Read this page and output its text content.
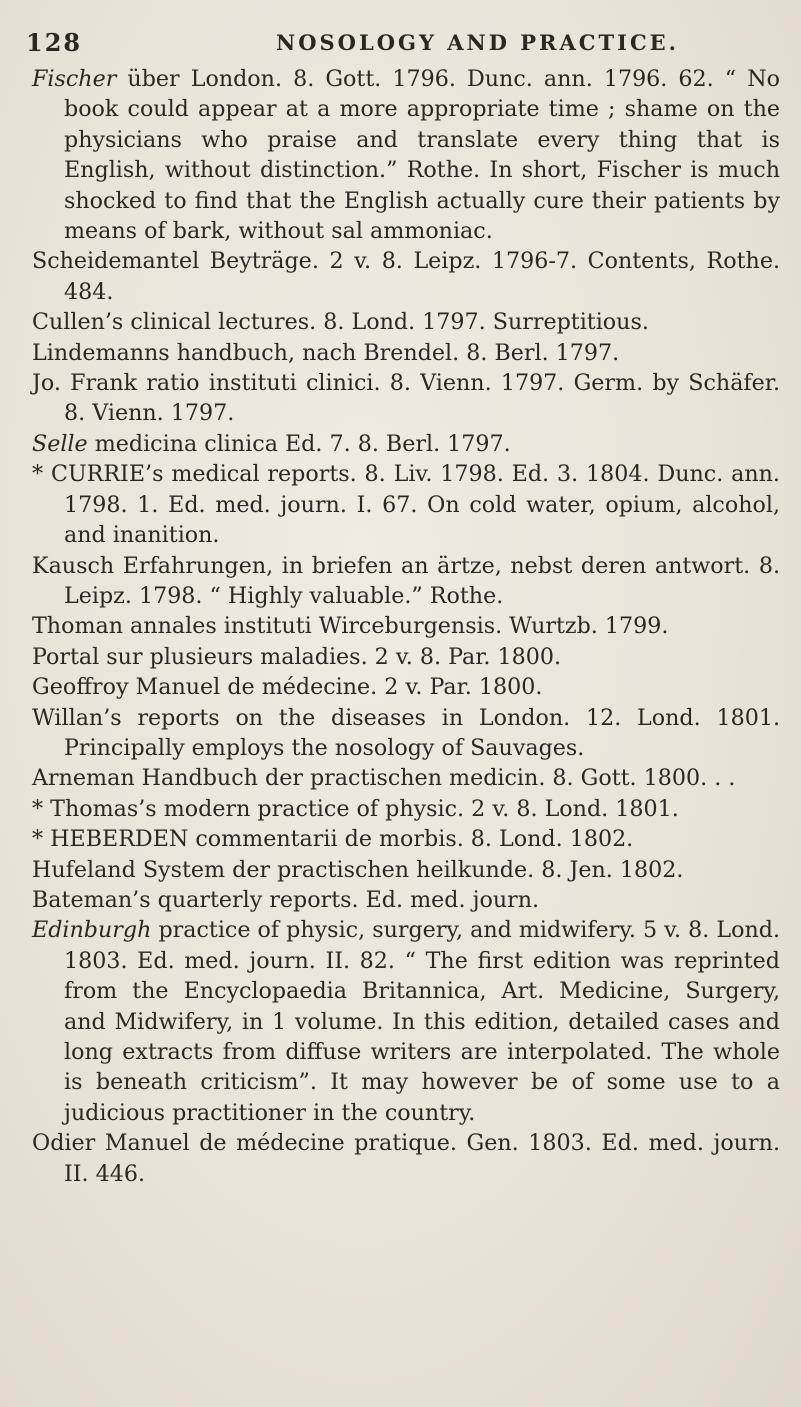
128	NOSOLOGY AND PRACTICE.

Fischer über London. 8. Gott. 1796. Dunc. ann. 1796. 62. “ No book could appear at a more appropriate time ; shame on the physicians who praise and translate every thing that is English, without distinction.” Rothe. In short, Fischer is much shocked to find that the English actually cure their patients by means of bark, without sal ammoniac.

Scheidemantel Beyträge. 2 v. 8. Leipz. 1796-7. Contents, Rothe. 484.

Cullen’s clinical lectures. 8. Lond. 1797. Surreptitious.

Lindemanns handbuch, nach Brendel. 8. Berl. 1797.

Jo. Frank ratio instituti clinici. 8. Vienn. 1797. Germ. by Schäfer. 8. Vienn. 1797.

Selle medicina clinica Ed. 7. 8. Berl. 1797.

* CURRIE’s medical reports. 8. Liv. 1798. Ed. 3. 1804. Dunc. ann. 1798. 1. Ed. med. journ. I. 67. On cold water, opium, alcohol, and inanition.

Kausch Erfahrungen, in briefen an ärtze, nebst deren antwort. 8. Leipz. 1798. “ Highly valuable.” Rothe.

Thoman annales instituti Wirceburgensis. Wurtzb. 1799.

Portal sur plusieurs maladies. 2 v. 8. Par. 1800.

Geoffroy Manuel de médecine. 2 v. Par. 1800.

Willan’s reports on the diseases in London. 12. Lond. 1801. Principally employs the nosology of Sauvages.

Arneman Handbuch der practischen medicin. 8. Gott. 1800. . .

* Thomas’s modern practice of physic. 2 v. 8. Lond. 1801.

* HEBERDEN commentarii de morbis. 8. Lond. 1802.

Hufeland System der practischen heilkunde. 8. Jen. 1802.

Bateman’s quarterly reports. Ed. med. journ.

Edinburgh practice of physic, surgery, and midwifery. 5 v. 8. Lond. 1803. Ed. med. journ. II. 82. “ The first edition was reprinted from the Encyclopaedia Britannica, Art. Medicine, Surgery, and Midwifery, in 1 volume. In this edition, detailed cases and long extracts from diffuse writers are interpolated. The whole is beneath criticism”. It may however be of some use to a judicious practitioner in the country.

Odier Manuel de médecine pratique. Gen. 1803. Ed. med. journ. II. 446.
